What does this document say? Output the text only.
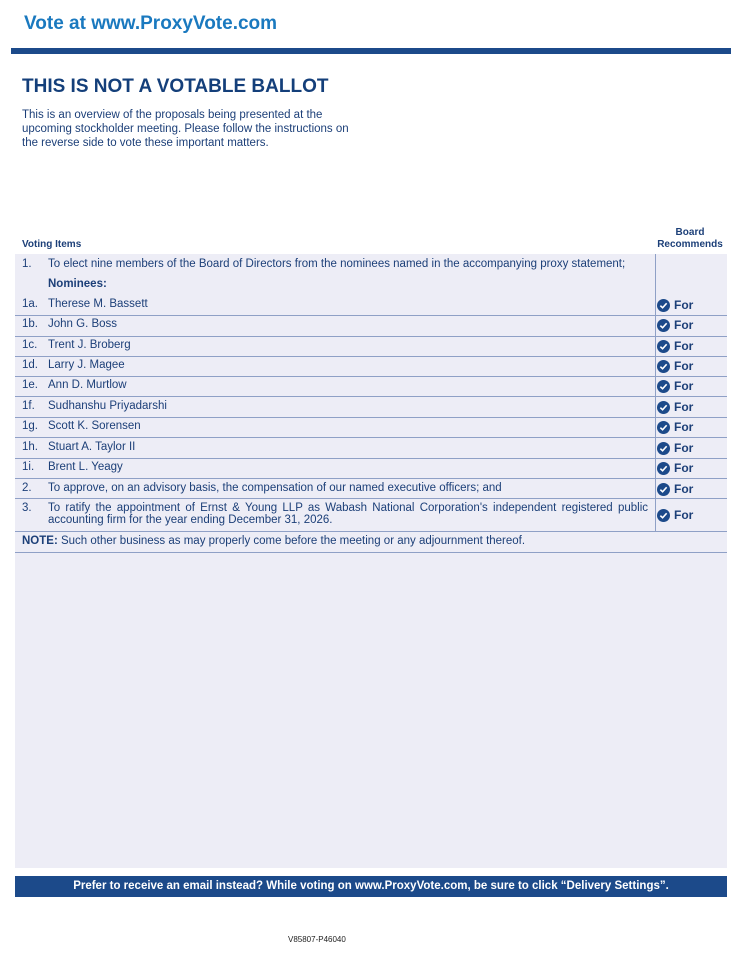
Vote at www.ProxyVote.com
THIS IS NOT A VOTABLE BALLOT
This is an overview of the proposals being presented at the upcoming stockholder meeting. Please follow the instructions on the reverse side to vote these important matters.
Voting Items
Board
Recommends
1. To elect nine members of the Board of Directors from the nominees named in the accompanying proxy statement;
Nominees:
1a. Therese M. Bassett	For
1b. John G. Boss	For
1c. Trent J. Broberg	For
1d. Larry J. Magee	For
1e. Ann D. Murtlow	For
1f. Sudhanshu Priyadarshi	For
1g. Scott K. Sorensen	For
1h. Stuart A. Taylor II	For
1i. Brent L. Yeagy	For
2. To approve, on an advisory basis, the compensation of our named executive officers; and	For
3. To ratify the appointment of Ernst & Young LLP as Wabash National Corporation's independent registered public accounting firm for the year ending December 31, 2026.	For
NOTE: Such other business as may properly come before the meeting or any adjournment thereof.
Prefer to receive an email instead? While voting on www.ProxyVote.com, be sure to click “Delivery Settings”.
V85807-P46040
